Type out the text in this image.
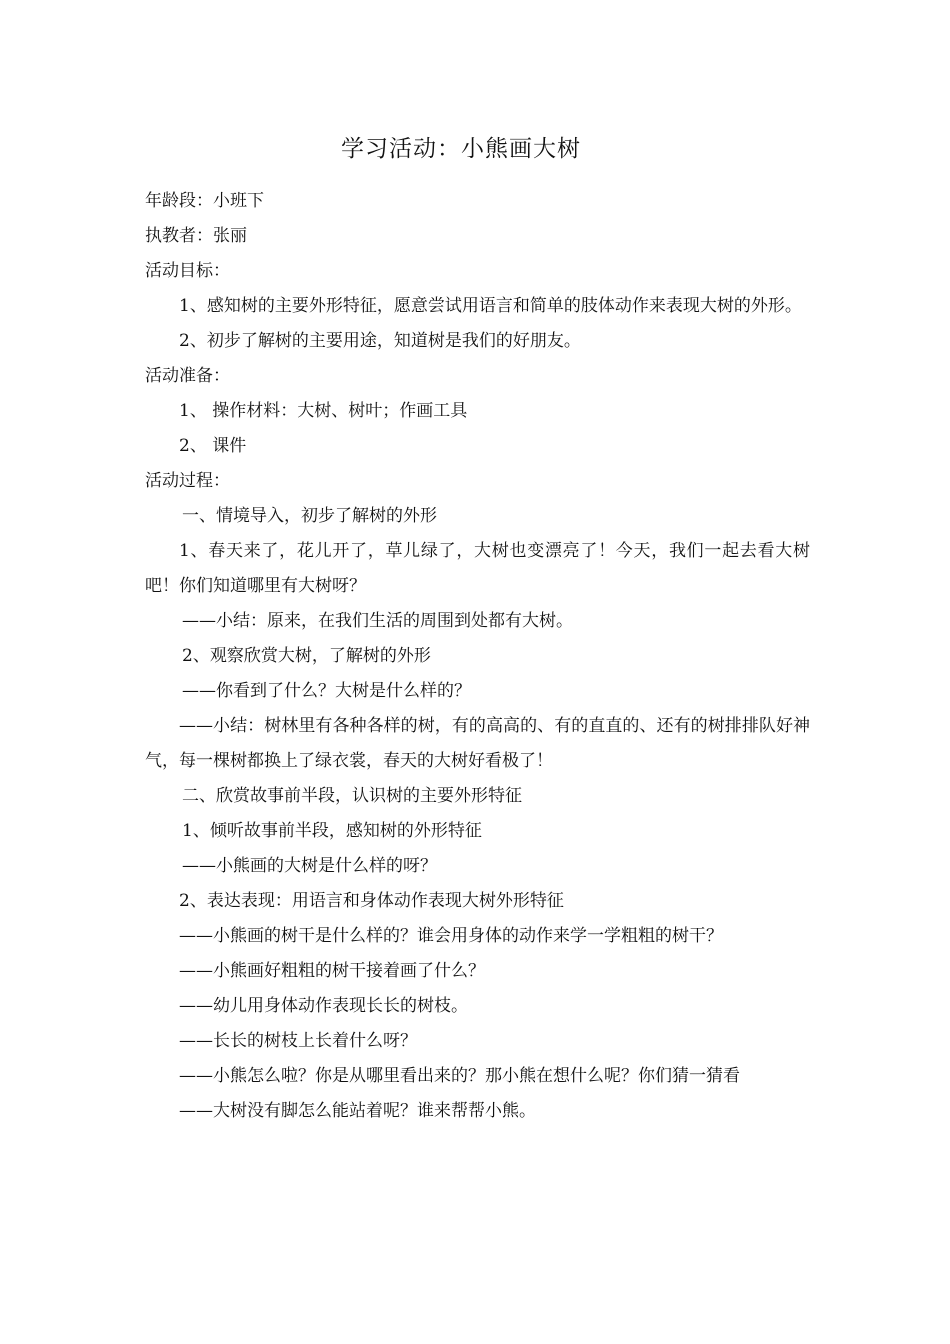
学习活动：小熊画大树
年龄段：小班下
执教者：张丽
活动目标：
1、感知树的主要外形特征，愿意尝试用语言和简单的肢体动作来表现大树的外形。
2、初步了解树的主要用途，知道树是我们的好朋友。
活动准备：
1、 操作材料：大树、树叶；作画工具
2、 课件
活动过程：
一、情境导入，初步了解树的外形
1、春天来了，花儿开了，草儿绿了，大树也变漂亮了！今天，我们一起去看大树吧！你们知道哪里有大树呀？
——小结：原来，在我们生活的周围到处都有大树。
2、观察欣赏大树，了解树的外形
——你看到了什么？大树是什么样的？
——小结：树林里有各种各样的树，有的高高的、有的直直的、还有的树排排队好神气，每一棵树都换上了绿衣裳，春天的大树好看极了！
二、欣赏故事前半段，认识树的主要外形特征
1、倾听故事前半段，感知树的外形特征
——小熊画的大树是什么样的呀？
2、表达表现：用语言和身体动作表现大树外形特征
——小熊画的树干是什么样的？谁会用身体的动作来学一学粗粗的树干？
——小熊画好粗粗的树干接着画了什么？
——幼儿用身体动作表现长长的树枝。
——长长的树枝上长着什么呀？
——小熊怎么啦？你是从哪里看出来的？那小熊在想什么呢？你们猜一猜看
——大树没有脚怎么能站着呢？谁来帮帮小熊。
